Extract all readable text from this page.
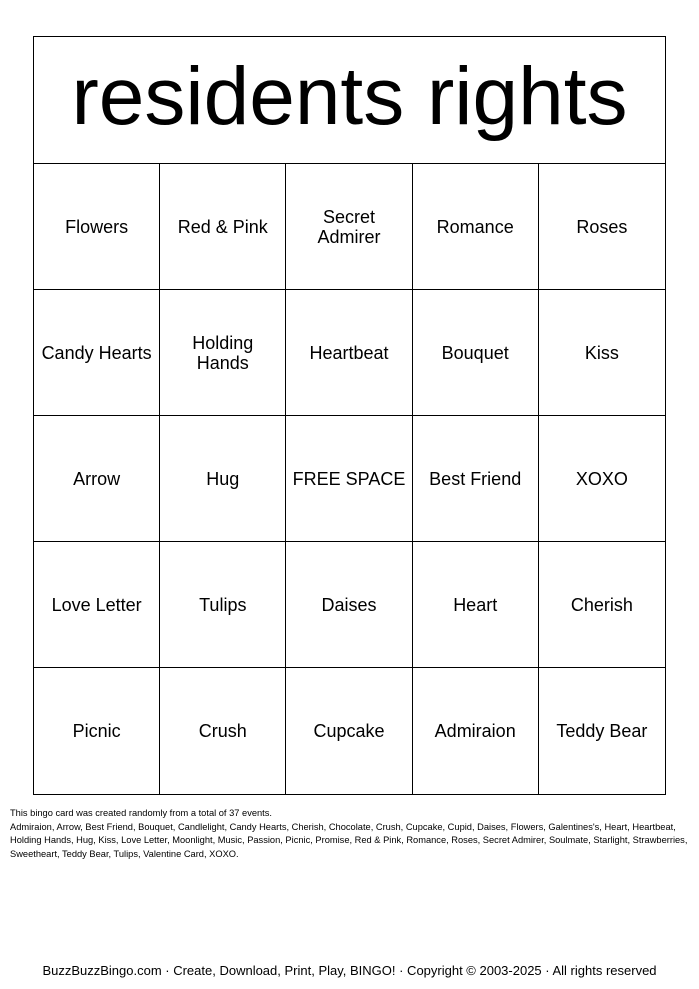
residents rights
Flowers	Red & Pink	Secret Admirer	Romance	Roses
Candy Hearts	Holding Hands	Heartbeat	Bouquet	Kiss
Arrow	Hug	FREE SPACE	Best Friend	XOXO
Love Letter	Tulips	Daises	Heart	Cherish
Picnic	Crush	Cupcake	Admiraion	Teddy Bear
This bingo card was created randomly from a total of 37 events.
Admiraion, Arrow, Best Friend, Bouquet, Candlelight, Candy Hearts, Cherish, Chocolate, Crush, Cupcake, Cupid, Daises, Flowers, Galentines's, Heart, Heartbeat, Holding Hands, Hug, Kiss, Love Letter, Moonlight, Music, Passion, Picnic, Promise, Red & Pink, Romance, Roses, Secret Admirer, Soulmate, Starlight, Strawberries, Sweetheart, Teddy Bear, Tulips, Valentine Card, XOXO.
BuzzBuzzBingo.com · Create, Download, Print, Play, BINGO! · Copyright © 2003-2025 · All rights reserved
